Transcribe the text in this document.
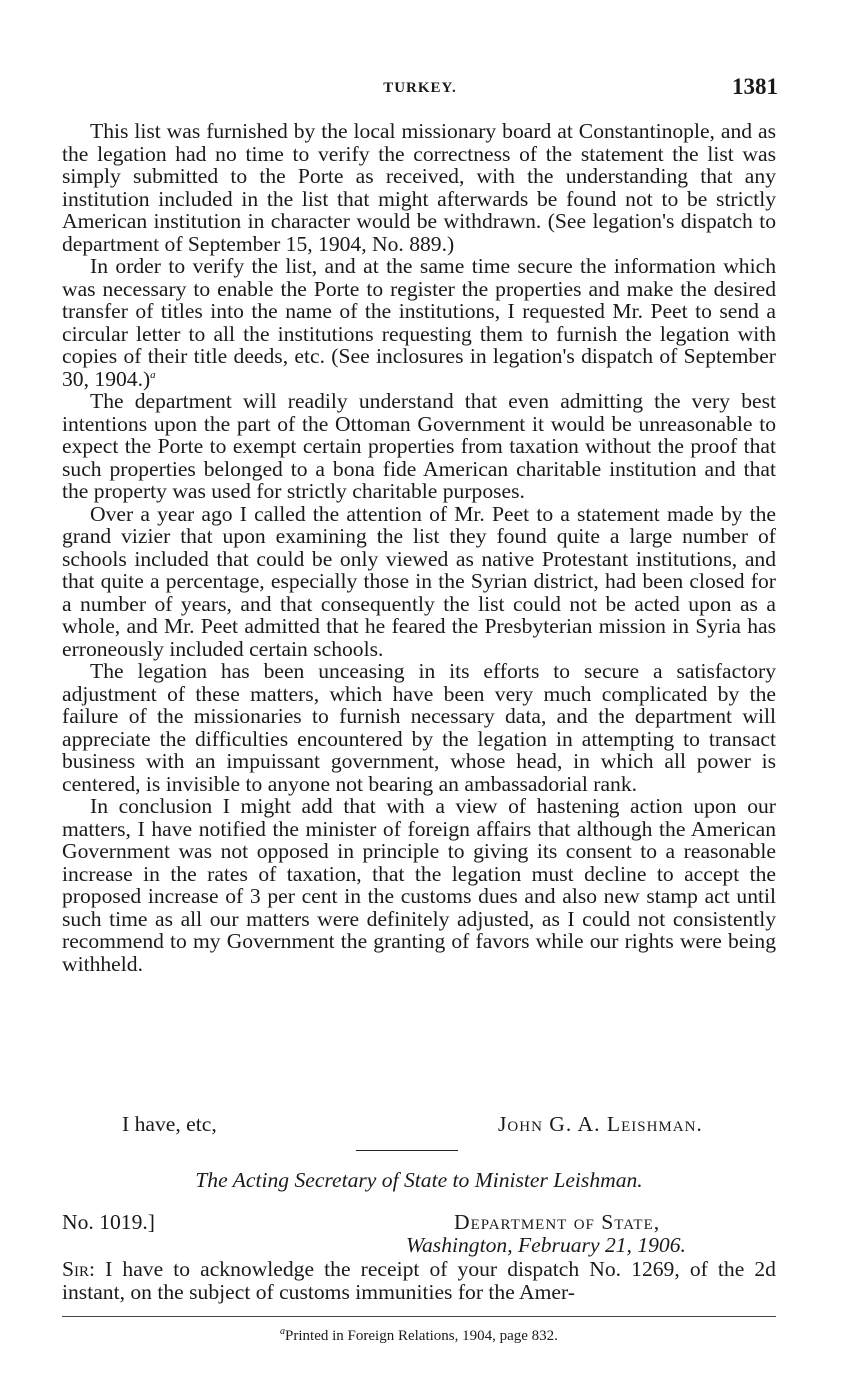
TURKEY.	1381

This list was furnished by the local missionary board at Constantinople, and as the legation had no time to verify the correctness of the statement the list was simply submitted to the Porte as received, with the understanding that any institution included in the list that might afterwards be found not to be strictly American institution in character would be withdrawn. (See legation's dispatch to department of September 15, 1904, No. 889.)

In order to verify the list, and at the same time secure the information which was necessary to enable the Porte to register the properties and make the desired transfer of titles into the name of the institutions, I requested Mr. Peet to send a circular letter to all the institutions requesting them to furnish the legation with copies of their title deeds, etc. (See inclosures in legation's dispatch of September 30, 1904.)$^a$

The department will readily understand that even admitting the very best intentions upon the part of the Ottoman Government it would be unreasonable to expect the Porte to exempt certain properties from taxation without the proof that such properties belonged to a bona fide American charitable institution and that the property was used for strictly charitable purposes.

Over a year ago I called the attention of Mr. Peet to a statement made by the grand vizier that upon examining the list they found quite a large number of schools included that could be only viewed as native Protestant institutions, and that quite a percentage, especially those in the Syrian district, had been closed for a number of years, and that consequently the list could not be acted upon as a whole, and Mr. Peet admitted that he feared the Presbyterian mission in Syria has erroneously included certain schools.

The legation has been unceasing in its efforts to secure a satisfactory adjustment of these matters, which have been very much complicated by the failure of the missionaries to furnish necessary data, and the department will appreciate the difficulties encountered by the legation in attempting to transact business with an impuissant government, whose head, in which all power is centered, is invisible to anyone not bearing an ambassadorial rank.

In conclusion I might add that with a view of hastening action upon our matters, I have notified the minister of foreign affairs that although the American Government was not opposed in principle to giving its consent to a reasonable increase in the rates of taxation, that the legation must decline to accept the proposed increase of 3 per cent in the customs dues and also new stamp act until such time as all our matters were definitely adjusted, as I could not consistently recommend to my Government the granting of favors while our rights were being withheld.

I have, etc,	John G. A. Leishman.
The Acting Secretary of State to Minister Leishman.
No. 1019.]	Department of State,
Washington, February 21, 1906.

Sir: I have to acknowledge the receipt of your dispatch No. 1269, of the 2d instant, on the subject of customs immunities for the Amer-

$^a$Printed in Foreign Relations, 1904, page 832.
